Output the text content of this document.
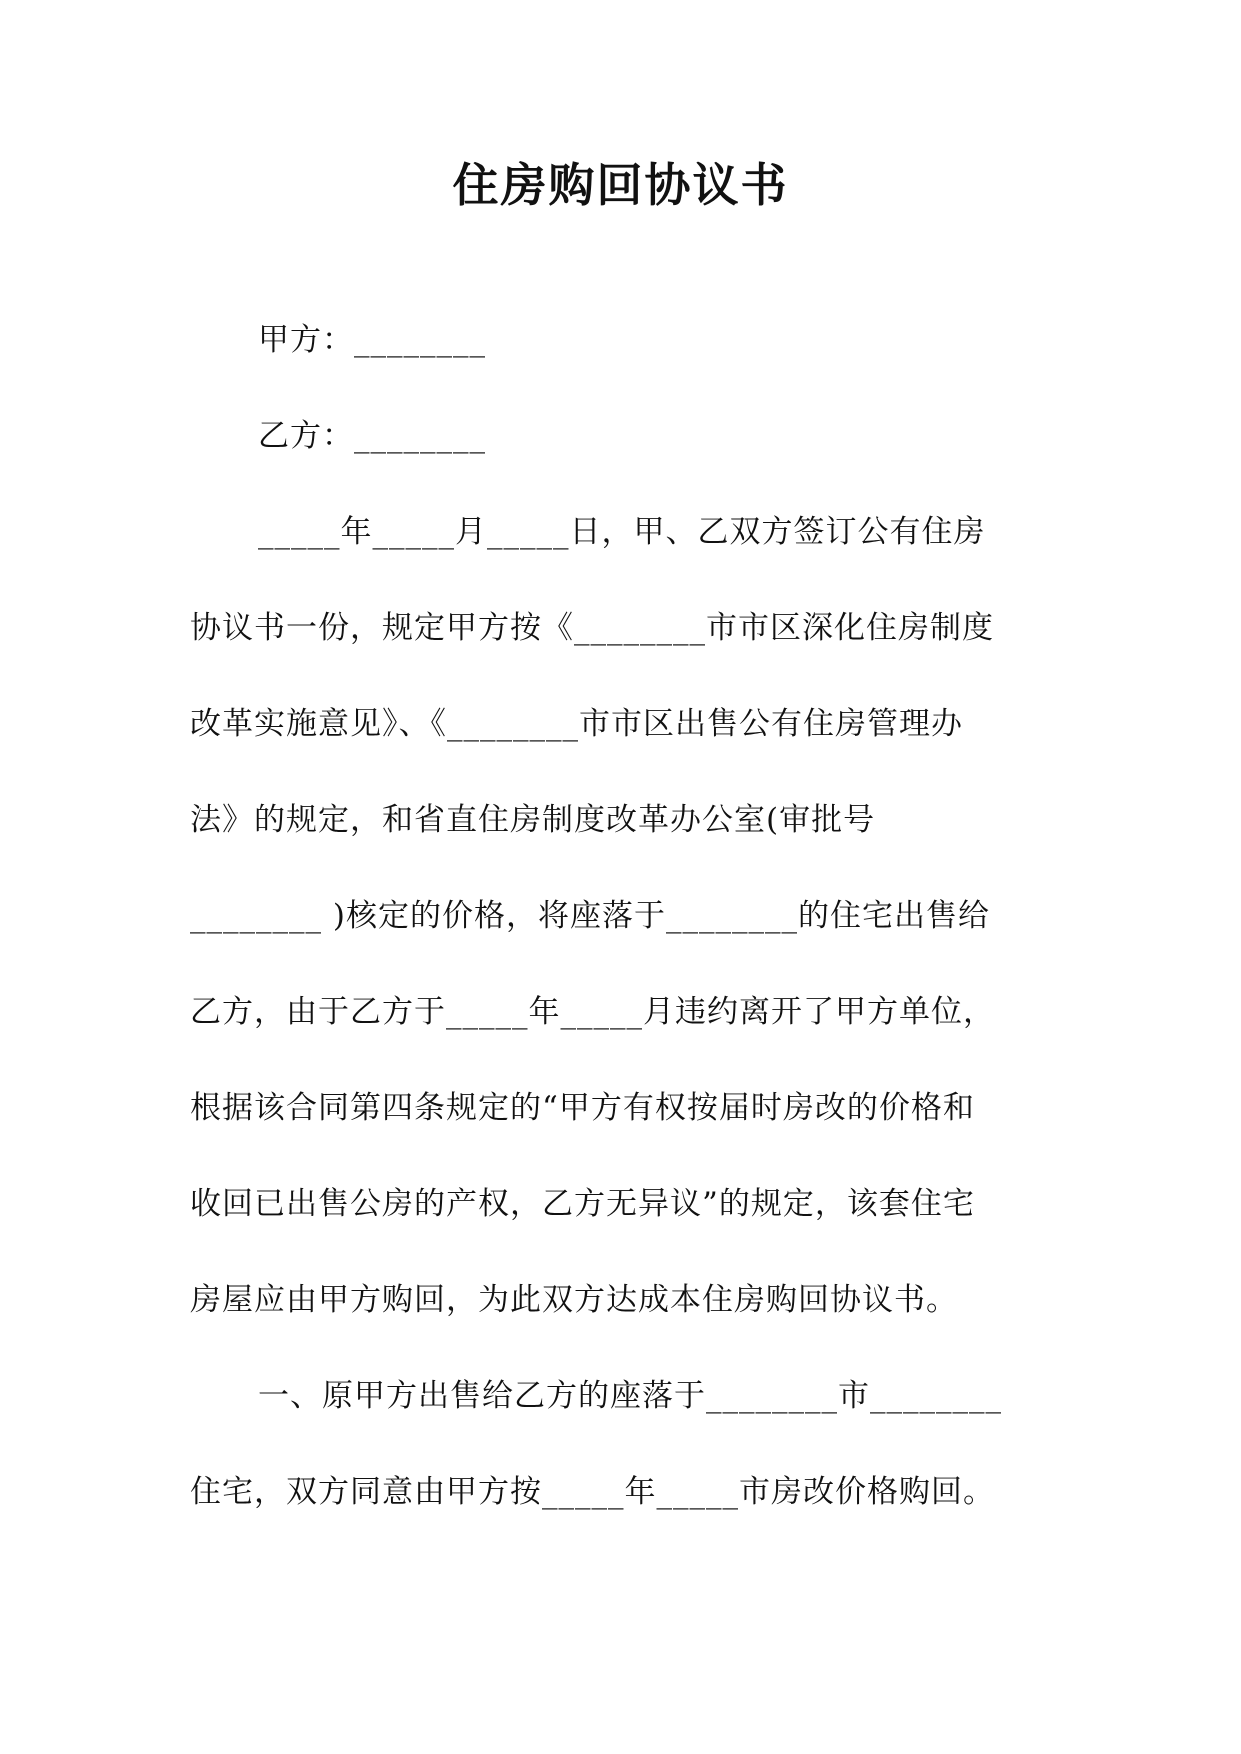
住房购回协议书
甲方：________
乙方：________
_____年_____月_____日，甲、乙双方签订公有住房
协议书一份，规定甲方按《________市市区深化住房制度
改革实施意见》、《________市市区出售公有住房管理办
法》的规定，和省直住房制度改革办公室(审批号
________ )核定的价格，将座落于________的住宅出售给
乙方，由于乙方于_____年_____月违约离开了甲方单位，
根据该合同第四条规定的“甲方有权按届时房改的价格和
收回已出售公房的产权，乙方无异议”的规定，该套住宅
房屋应由甲方购回，为此双方达成本住房购回协议书。
一、原甲方出售给乙方的座落于________市________
住宅，双方同意由甲方按_____年_____市房改价格购回。
